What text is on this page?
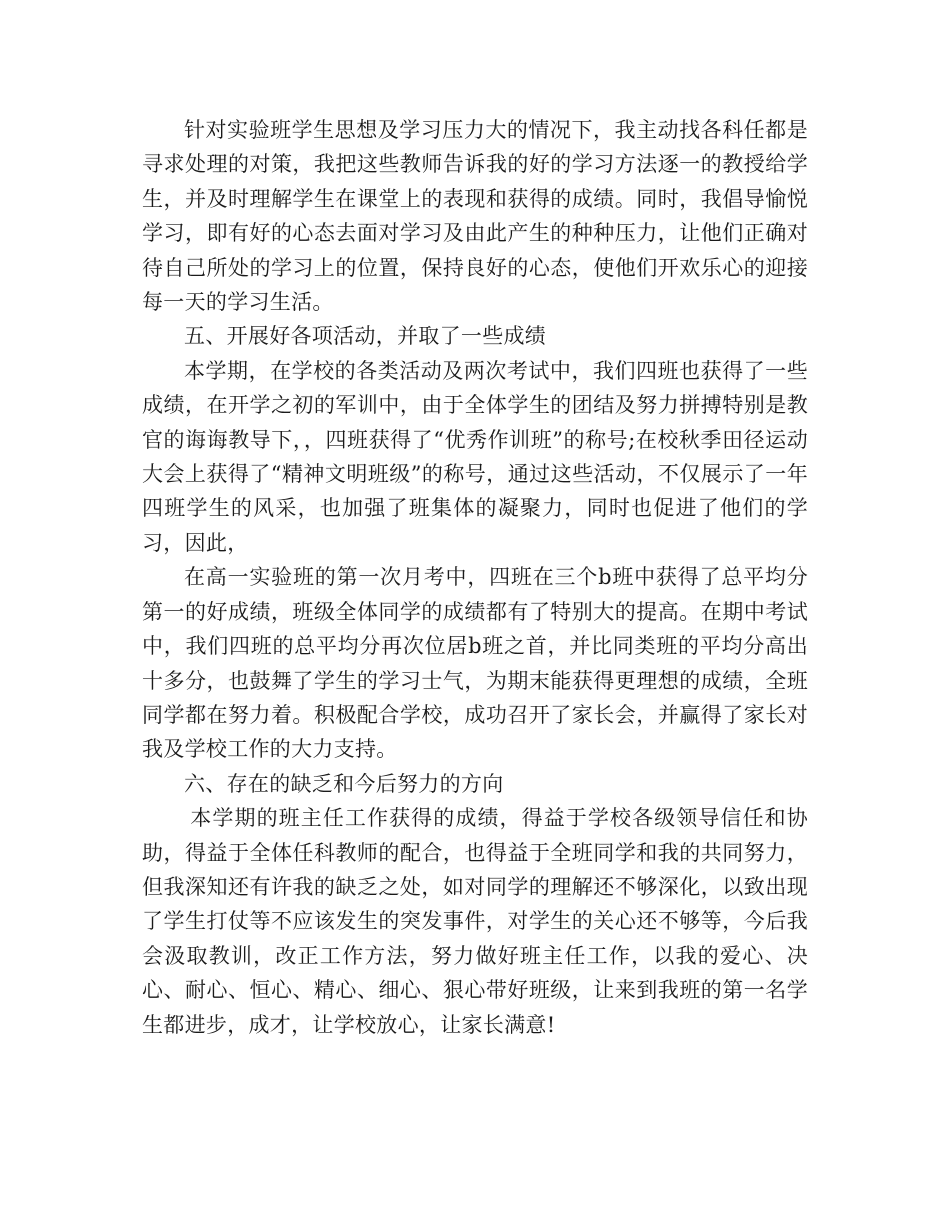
针对实验班学生思想及学习压力大的情况下，我主动找各科任都是寻求处理的对策，我把这些教师告诉我的好的学习方法逐一的教授给学生，并及时理解学生在课堂上的表现和获得的成绩。同时，我倡导愉悦学习，即有好的心态去面对学习及由此产生的种种压力，让他们正确对待自己所处的学习上的位置，保持良好的心态，使他们开欢乐心的迎接每一天的学习生活。

五、开展好各项活动，并取了一些成绩

本学期，在学校的各类活动及两次考试中，我们四班也获得了一些成绩，在开学之初的军训中，由于全体学生的团结及努力拼搏特别是教官的诲诲教导下，，四班获得了“优秀作训班”的称号;在校秋季田径运动大会上获得了“精神文明班级”的称号，通过这些活动，不仅展示了一年四班学生的风采，也加强了班集体的凝聚力，同时也促进了他们的学习，因此，

在高一实验班的第一次月考中，四班在三个b班中获得了总平均分第一的好成绩，班级全体同学的成绩都有了特别大的提高。在期中考试中，我们四班的总平均分再次位居b班之首，并比同类班的平均分高出十多分，也鼓舞了学生的学习士气，为期末能获得更理想的成绩，全班同学都在努力着。积极配合学校，成功召开了家长会，并赢得了家长对我及学校工作的大力支持。

六、存在的缺乏和今后努力的方向

本学期的班主任工作获得的成绩，得益于学校各级领导信任和协助，得益于全体任科教师的配合，也得益于全班同学和我的共同努力，但我深知还有许我的缺乏之处，如对同学的理解还不够深化，以致出现了学生打仗等不应该发生的突发事件，对学生的关心还不够等，今后我会汲取教训，改正工作方法，努力做好班主任工作，以我的爱心、决心、耐心、恒心、精心、细心、狠心带好班级，让来到我班的第一名学生都进步，成才，让学校放心，让家长满意!
